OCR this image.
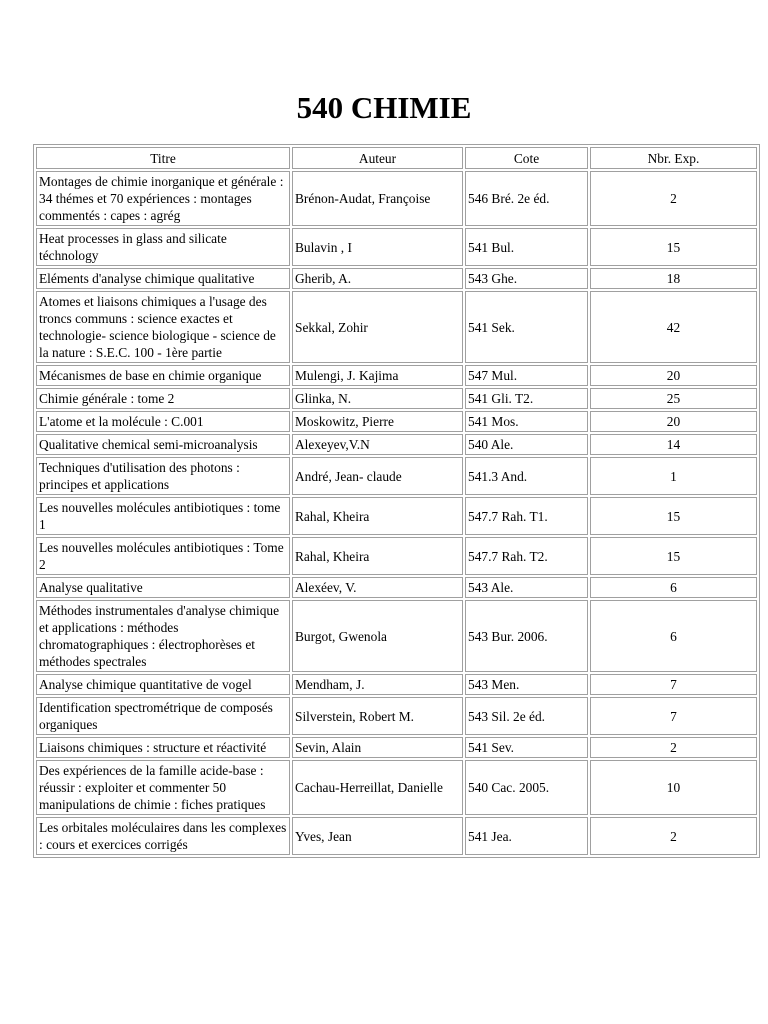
540 CHIMIE
Titre	Auteur	Cote	Nbr. Exp.
Montages de chimie inorganique et générale : 34 thémes et 70 expériences : montages commentés : capes : agrég	Brénon-Audat, Françoise	546 Bré. 2e éd.	2
Heat processes in glass and silicate téchnology	Bulavin , I	541 Bul.	15
Eléments d'analyse chimique qualitative	Gherib, A.	543 Ghe.	18
Atomes et liaisons chimiques a l'usage des troncs communs : science exactes et technologie- science biologique - science de la nature : S.E.C. 100 - 1ère partie	Sekkal, Zohir	541 Sek.	42
Mécanismes de base en chimie organique	Mulengi, J. Kajima	547 Mul.	20
Chimie générale : tome 2	Glinka, N.	541 Gli. T2.	25
L'atome et la molécule : C.001	Moskowitz, Pierre	541 Mos.	20
Qualitative chemical semi-microanalysis	Alexeyev,V.N	540 Ale.	14
Techniques d'utilisation des photons : principes et applications	André, Jean- claude	541.3 And.	1
Les nouvelles molécules antibiotiques : tome 1	Rahal, Kheira	547.7 Rah. T1.	15
Les nouvelles molécules antibiotiques : Tome 2	Rahal, Kheira	547.7 Rah. T2.	15
Analyse qualitative	Alexéev, V.	543 Ale.	6
Méthodes instrumentales d'analyse chimique et applications : méthodes chromatographiques : électrophorèses et méthodes spectrales	Burgot, Gwenola	543 Bur. 2006.	6
Analyse chimique quantitative de vogel	Mendham, J.	543 Men.	7
Identification spectrométrique de composés organiques	Silverstein, Robert M.	543 Sil. 2e éd.	7
Liaisons chimiques : structure et réactivité	Sevin, Alain	541 Sev.	2
Des expériences de la famille acide-base : réussir : exploiter et commenter 50 manipulations de chimie : fiches pratiques	Cachau-Herreillat, Danielle	540 Cac. 2005.	10
Les orbitales moléculaires dans les complexes : cours et exercices corrigés	Yves, Jean	541 Jea.	2
